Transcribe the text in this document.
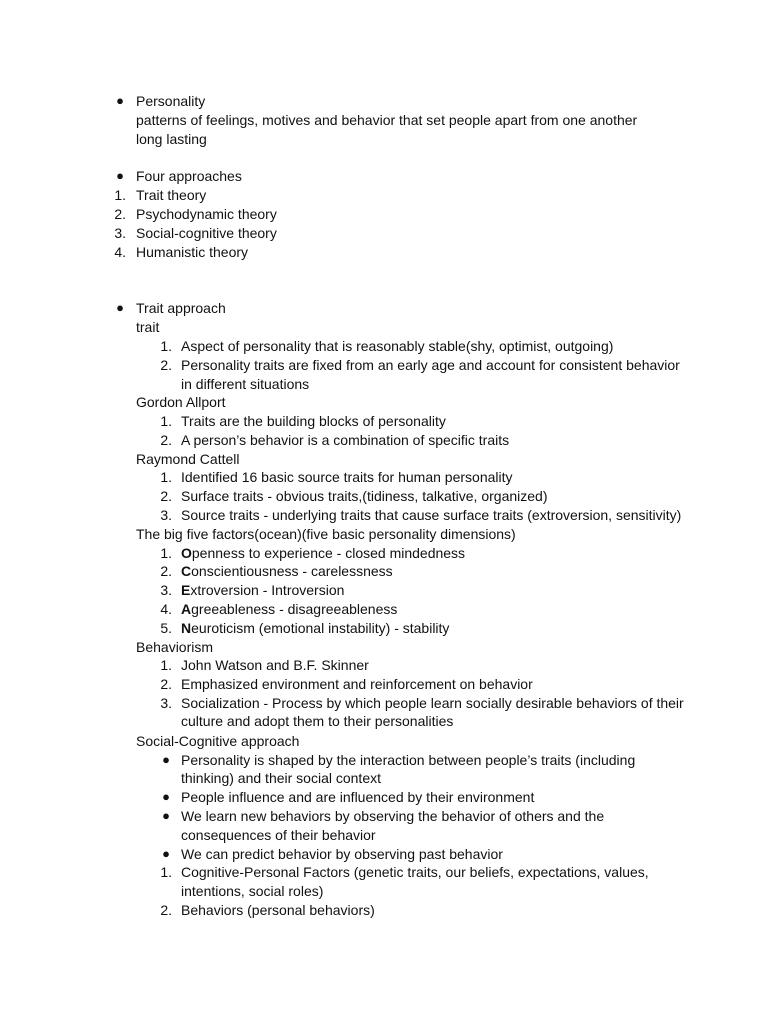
● Personality
patterns of feelings, motives and behavior that set people apart from one another
long lasting
● Four approaches
1. Trait theory
2. Psychodynamic theory
3. Social-cognitive theory
4. Humanistic theory
● Trait approach
trait
1. Aspect of personality that is reasonably stable(shy, optimist, outgoing)
2. Personality traits are fixed from an early age and account for consistent behavior
in different situations
Gordon Allport
1. Traits are the building blocks of personality
2. A person’s behavior is a combination of specific traits
Raymond Cattell
1. Identified 16 basic source traits for human personality
2. Surface traits - obvious traits,(tidiness, talkative, organized)
3. Source traits - underlying traits that cause surface traits (extroversion, sensitivity)
The big five factors(ocean)(five basic personality dimensions)
1. Openness to experience - closed mindedness
2. Conscientiousness - carelessness
3. Extroversion - Introversion
4. Agreeableness - disagreeableness
5. Neuroticism (emotional instability) - stability
Behaviorism
1. John Watson and B.F. Skinner
2. Emphasized environment and reinforcement on behavior
3. Socialization - Process by which people learn socially desirable behaviors of their
culture and adopt them to their personalities
Social-Cognitive approach
● Personality is shaped by the interaction between people’s traits (including
thinking) and their social context
● People influence and are influenced by their environment
● We learn new behaviors by observing the behavior of others and the
consequences of their behavior
● We can predict behavior by observing past behavior
1. Cognitive-Personal Factors (genetic traits, our beliefs, expectations, values,
intentions, social roles)
2. Behaviors (personal behaviors)
